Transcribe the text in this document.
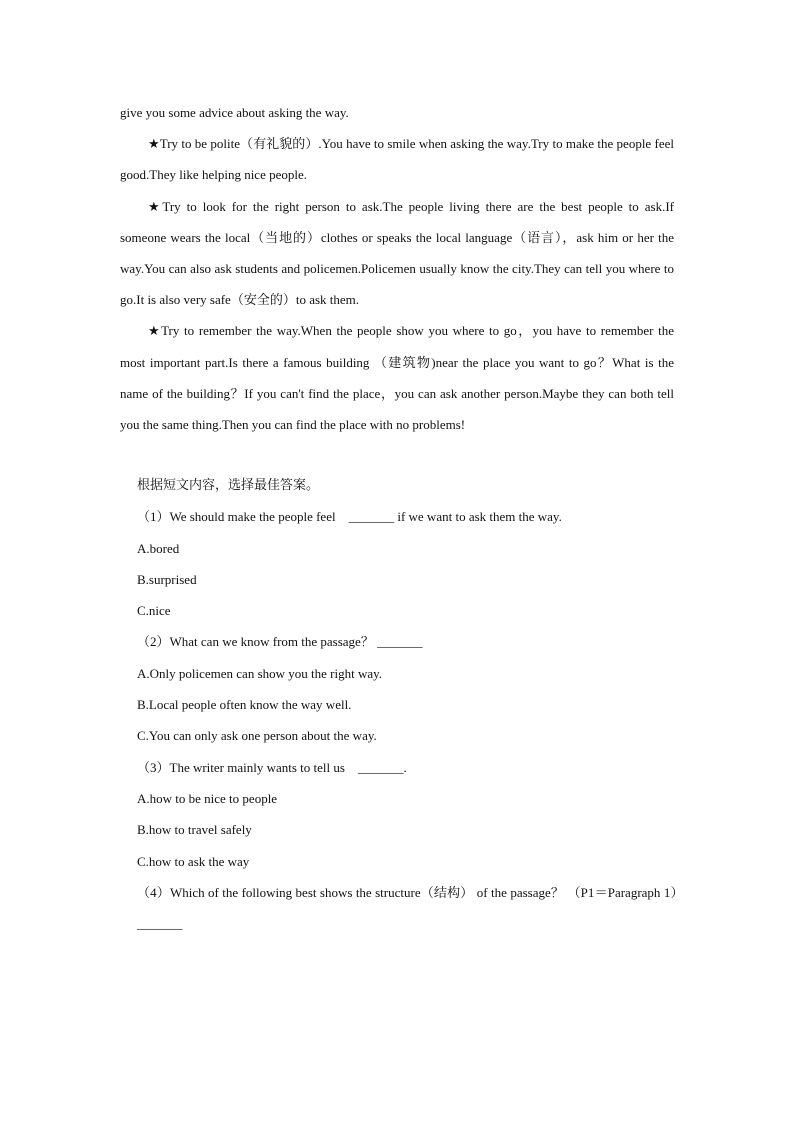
give you some advice about asking the way.

★Try to be polite（有礼貌的）.You have to smile when asking the way.Try to make the people feel good.They like helping nice people.

★Try to look for the right person to ask.The people living there are the best people to ask.If someone wears the local（当地的）clothes or speaks the local language（语言），ask him or her the way.You can also ask students and policemen.Policemen usually know the city.They can tell you where to go.It is also very safe（安全的）to ask them.

★Try to remember the way.When the people show you where to go，you have to remember the most important part.Is there a famous building （建筑物)near the place you want to go？What is the name of the building？If you can't find the place，you can ask another person.Maybe they can both tell you the same thing.Then you can find the place with no problems!

根据短文内容，选择最佳答案。

（1）We should make the people feel　_______ if we want to ask them the way.

A.bored

B.surprised

C.nice

（2）What can we know from the passage？ _______

A.Only policemen can show you the right way.

B.Local people often know the way well.

C.You can only ask one person about the way.

（3）The writer mainly wants to tell us　_______.

A.how to be nice to people

B.how to travel safely

C.how to ask the way

（4）Which of the following best shows the structure（结构） of the passage？ （P1＝Paragraph 1）_______
